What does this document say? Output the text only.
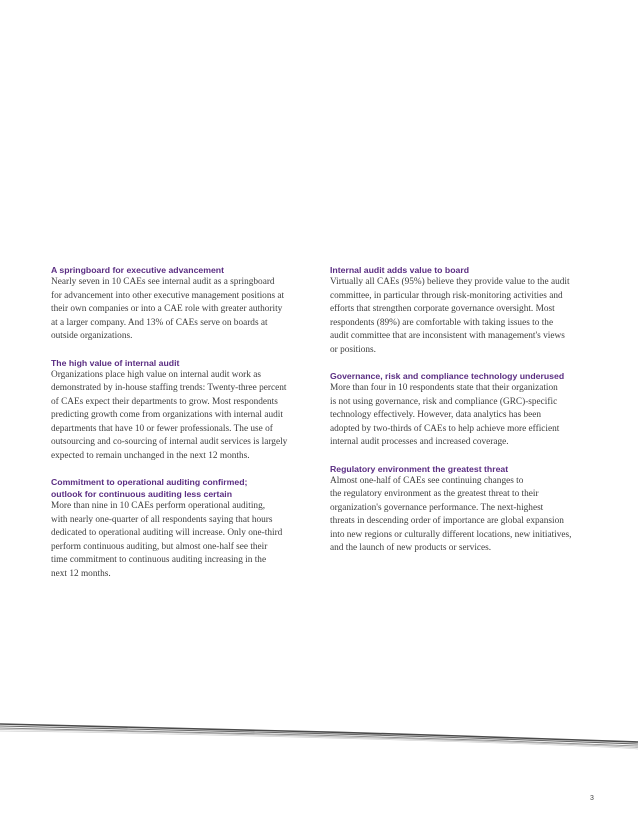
A springboard for executive advancement

Nearly seven in 10 CAEs see internal audit as a springboard

for advancement into other executive management positions at

their own companies or into a CAE role with greater authority

at a larger company. And 13% of CAEs serve on boards at

outside organizations.

The high value of internal audit

Organizations place high value on internal audit work as

demonstrated by in-house staffing trends: Twenty-three percent

of CAEs expect their departments to grow. Most respondents

predicting growth come from organizations with internal audit

departments that have 10 or fewer professionals. The use of

outsourcing and co-sourcing of internal audit services is largely

expected to remain unchanged in the next 12 months.

Commitment to operational auditing confirmed;

outlook for continuous auditing less certain

More than nine in 10 CAEs perform operational auditing,

with nearly one-quarter of all respondents saying that hours

dedicated to operational auditing will increase. Only one-third

perform continuous auditing, but almost one-half see their

time commitment to continuous auditing increasing in the

next 12 months.

Internal audit adds value to board

Virtually all CAEs (95%) believe they provide value to the audit

committee, in particular through risk-monitoring activities and

efforts that strengthen corporate governance oversight. Most

respondents (89%) are comfortable with taking issues to the

audit committee that are inconsistent with management's views

or positions.

Governance, risk and compliance technology underused

More than four in 10 respondents state that their organization

is not using governance, risk and compliance (GRC)-specific

technology effectively. However, data analytics has been

adopted by two-thirds of CAEs to help achieve more efficient

internal audit processes and increased coverage.

Regulatory environment the greatest threat

Almost one-half of CAEs see continuing changes to

the regulatory environment as the greatest threat to their

organization's governance performance. The next-highest

threats in descending order of importance are global expansion

into new regions or culturally different locations, new initiatives,

and the launch of new products or services.

3
